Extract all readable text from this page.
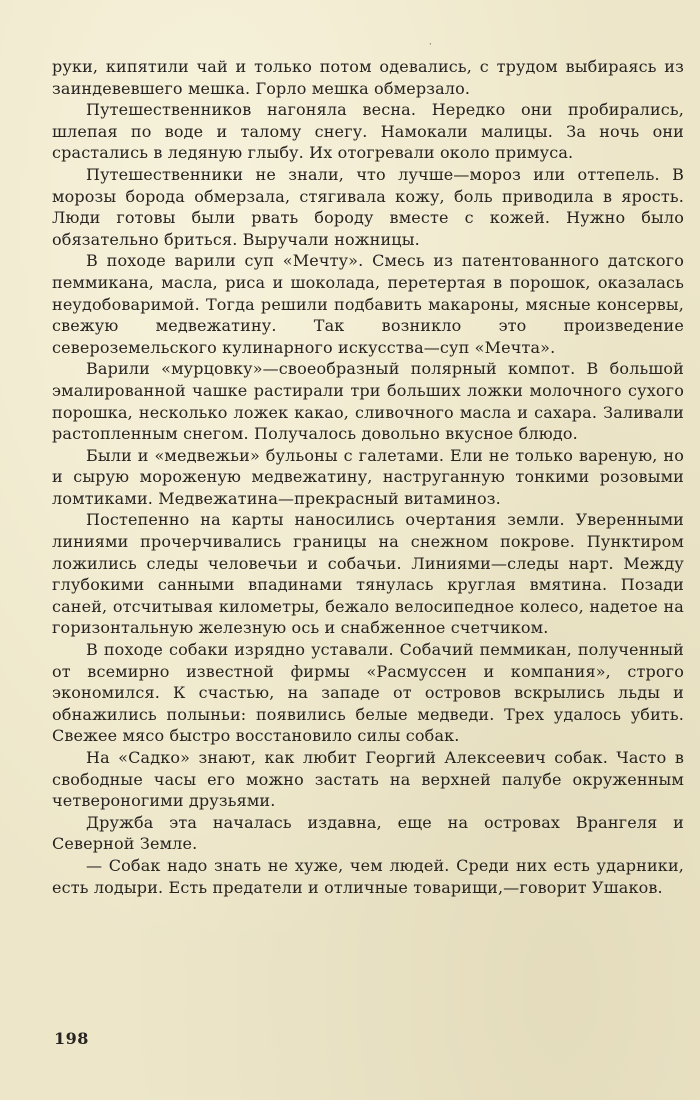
᾿

руки, кипятили чай и только потом одевались, с трудом выбираясь из заиндевевшего мешка. Горло мешка обмерзало.

Путешественников нагоняла весна. Нередко они пробирались, шлепая по воде и талому снегу. Намокали малицы. За ночь они срастались в ледяную глыбу. Их отогревали около примуса.

Путешественники не знали, что лучше—мороз или оттепель. В морозы борода обмерзала, стягивала кожу, боль приводила в ярость. Люди готовы были рвать бороду вместе с кожей. Нужно было обязательно бриться. Выручали ножницы.

В походе варили суп «Мечту». Смесь из патентованного датского пеммикана, масла, риса и шоколада, перетертая в порошок, оказалась неудобоваримой. Тогда решили подбавить макароны, мясные консервы, свежую медвежатину. Так возникло это произведение североземельского кулинарного искусства—суп «Мечта».

Варили «мурцовку»—своеобразный полярный компот. В большой эмалированной чашке растирали три больших ложки молочного сухого порошка, несколько ложек какао, сливочного масла и сахара. Заливали растопленным снегом. Получалось довольно вкусное блюдо.

Были и «медвежьи» бульоны с галетами. Ели не только вареную, но и сырую мороженую медвежатину, наструганную тонкими розовыми ломтиками. Медвежатина—прекрасный витаминоз.

Постепенно на карты наносились очертания земли. Уверенными линиями прочерчивались границы на снежном покрове. Пунктиром ложились следы человечьи и собачьи. Линиями—следы нарт. Между глубокими санными впадинами тянулась круглая вмятина. Позади саней, отсчитывая километры, бежало велосипедное колесо, надетое на горизонтальную железную ось и снабженное счетчиком.

В походе собаки изрядно уставали. Собачий пеммикан, полученный от всемирно известной фирмы «Расмуссен и компания», строго экономился. К счастью, на западе от островов вскрылись льды и обнажились полыньи: появились белые медведи. Трех удалось убить. Свежее мясо быстро восстановило силы собак.

На «Садко» знают, как любит Георгий Алексеевич собак. Часто в свободные часы его можно застать на верхней палубе окруженным четвероногими друзьями.

Дружба эта началась издавна, еще на островах Врангеля и Северной Земле.

— Собак надо знать не хуже, чем людей. Среди них есть ударники, есть лодыри. Есть предатели и отличные товарищи,—говорит Ушаков.

198
